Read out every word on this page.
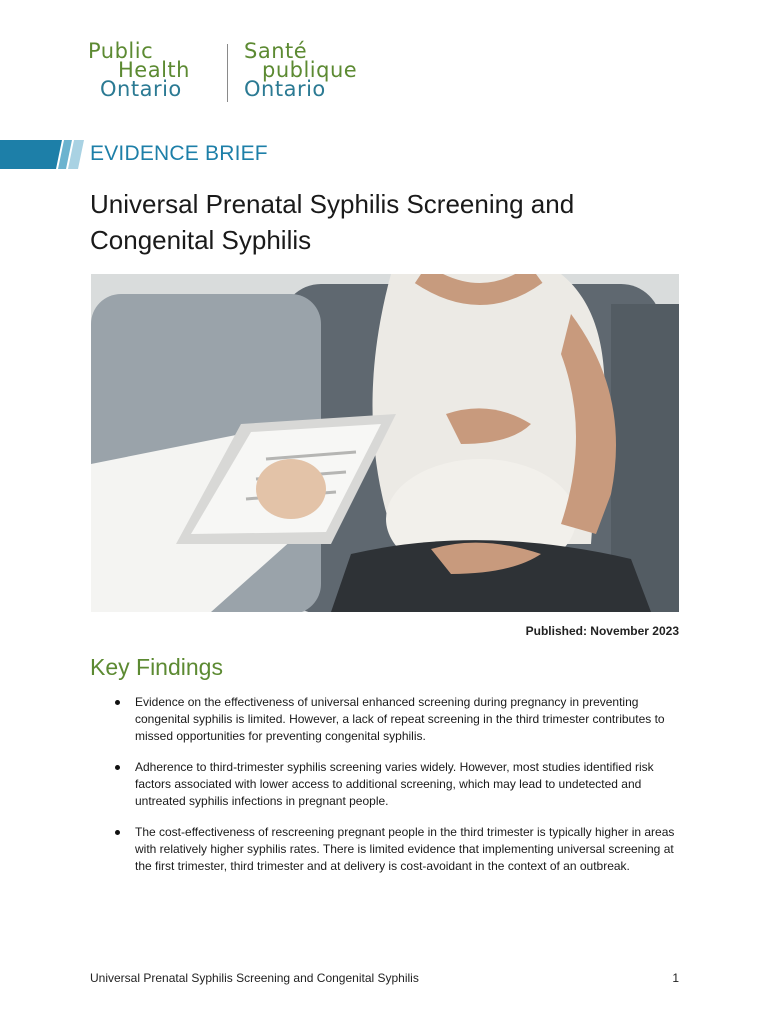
Public
Health
Ontario
Santé
publique
Ontario
EVIDENCE BRIEF
Universal Prenatal Syphilis Screening and
Congenital Syphilis
Published: November 2023
Key Findings
Evidence on the effectiveness of universal enhanced screening during pregnancy in preventing congenital syphilis is limited. However, a lack of repeat screening in the third trimester contributes to missed opportunities for preventing congenital syphilis.
Adherence to third-trimester syphilis screening varies widely. However, most studies identified risk factors associated with lower access to additional screening, which may lead to undetected and untreated syphilis infections in pregnant people.
The cost-effectiveness of rescreening pregnant people in the third trimester is typically higher in areas with relatively higher syphilis rates. There is limited evidence that implementing universal screening at the first trimester, third trimester and at delivery is cost-avoidant in the context of an outbreak.
Universal Prenatal Syphilis Screening and Congenital Syphilis	1
